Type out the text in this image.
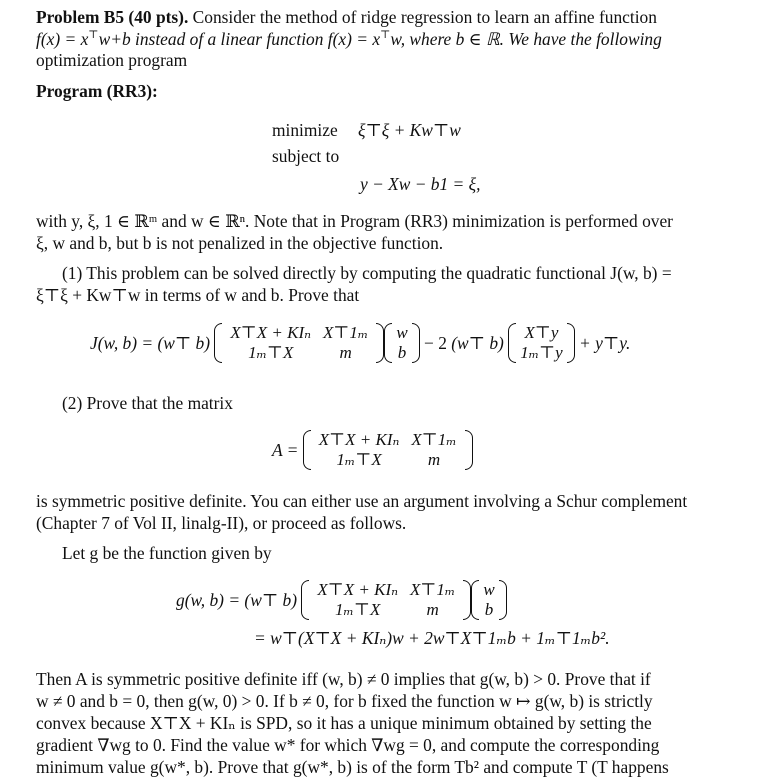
Problem B5 (40 pts). Consider the method of ridge regression to learn an affine function
f(x) = x⊤w+b instead of a linear function f(x) = x⊤w, where b ∈ ℝ. We have the following
optimization program
Program (RR3):
minimize ξ⊤ξ + Kw⊤w
subject to
y − Xw − b1 = ξ,
with y, ξ, 1 ∈ ℝᵐ and w ∈ ℝⁿ. Note that in Program (RR3) minimization is performed over
ξ, w and b, but b is not penalized in the objective function.
(1) This problem can be solved directly by computing the quadratic functional J(w, b) =
ξ⊤ξ + Kw⊤w in terms of w and b. Prove that
J(w, b) =
(w⊤ b)
X⊤X + KIₙ	X⊤1ₘ
1ₘ⊤X	m
w
b
− 2
(w⊤ b)
X⊤y
1ₘ⊤y
+ y⊤y.
(2) Prove that the matrix
A =
X⊤X + KIₙ	X⊤1ₘ
1ₘ⊤X	m
is symmetric positive definite. You can either use an argument involving a Schur complement
(Chapter 7 of Vol II, linalg-II), or proceed as follows.
Let g be the function given by
g(w, b) =
(w⊤ b)
X⊤X + KIₙ	X⊤1ₘ
1ₘ⊤X	m
w
b
= w⊤(X⊤X + KIₙ)w + 2w⊤X⊤1ₘb + 1ₘ⊤1ₘb².
Then A is symmetric positive definite iff (w, b) ≠ 0 implies that g(w, b) > 0. Prove that if
w ≠ 0 and b = 0, then g(w, 0) > 0. If b ≠ 0, for b fixed the function w ↦ g(w, b) is strictly
convex because X⊤X + KIₙ is SPD, so it has a unique minimum obtained by setting the
gradient ∇wg to 0. Find the value w* for which ∇wg = 0, and compute the corresponding
minimum value g(w*, b). Prove that g(w*, b) is of the form Tb² and compute T (T happens
